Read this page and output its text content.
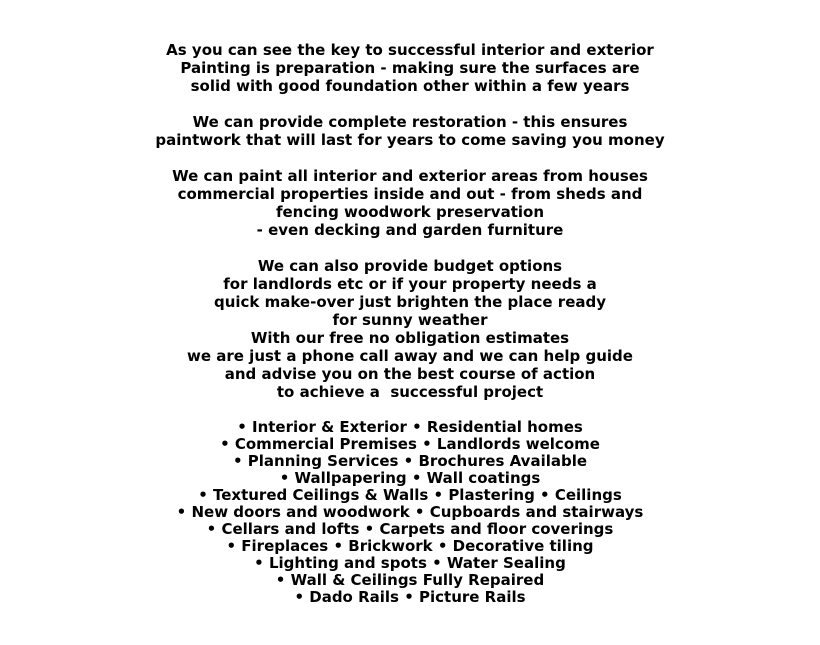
As you can see the key to successful interior and exterior
Painting is preparation - making sure the surfaces are
solid with good foundation other within a few years
We can provide complete restoration - this ensures
paintwork that will last for years to come saving you money
We can paint all interior and exterior areas from houses
commercial properties inside and out - from sheds and
fencing woodwork preservation
- even decking and garden furniture
We can also provide budget options
for landlords etc or if your property needs a
quick make-over just brighten the place ready
for sunny weather
With our free no obligation estimates
we are just a phone call away and we can help guide
and advise you on the best course of action
to achieve a  successful project
• Interior & Exterior • Residential homes
• Commercial Premises • Landlords welcome
• Planning Services • Brochures Available
• Wallpapering • Wall coatings
• Textured Ceilings & Walls • Plastering • Ceilings
• New doors and woodwork • Cupboards and stairways
• Cellars and lofts • Carpets and floor coverings
• Fireplaces • Brickwork • Decorative tiling
• Lighting and spots • Water Sealing
• Wall & Ceilings Fully Repaired
• Dado Rails • Picture Rails
